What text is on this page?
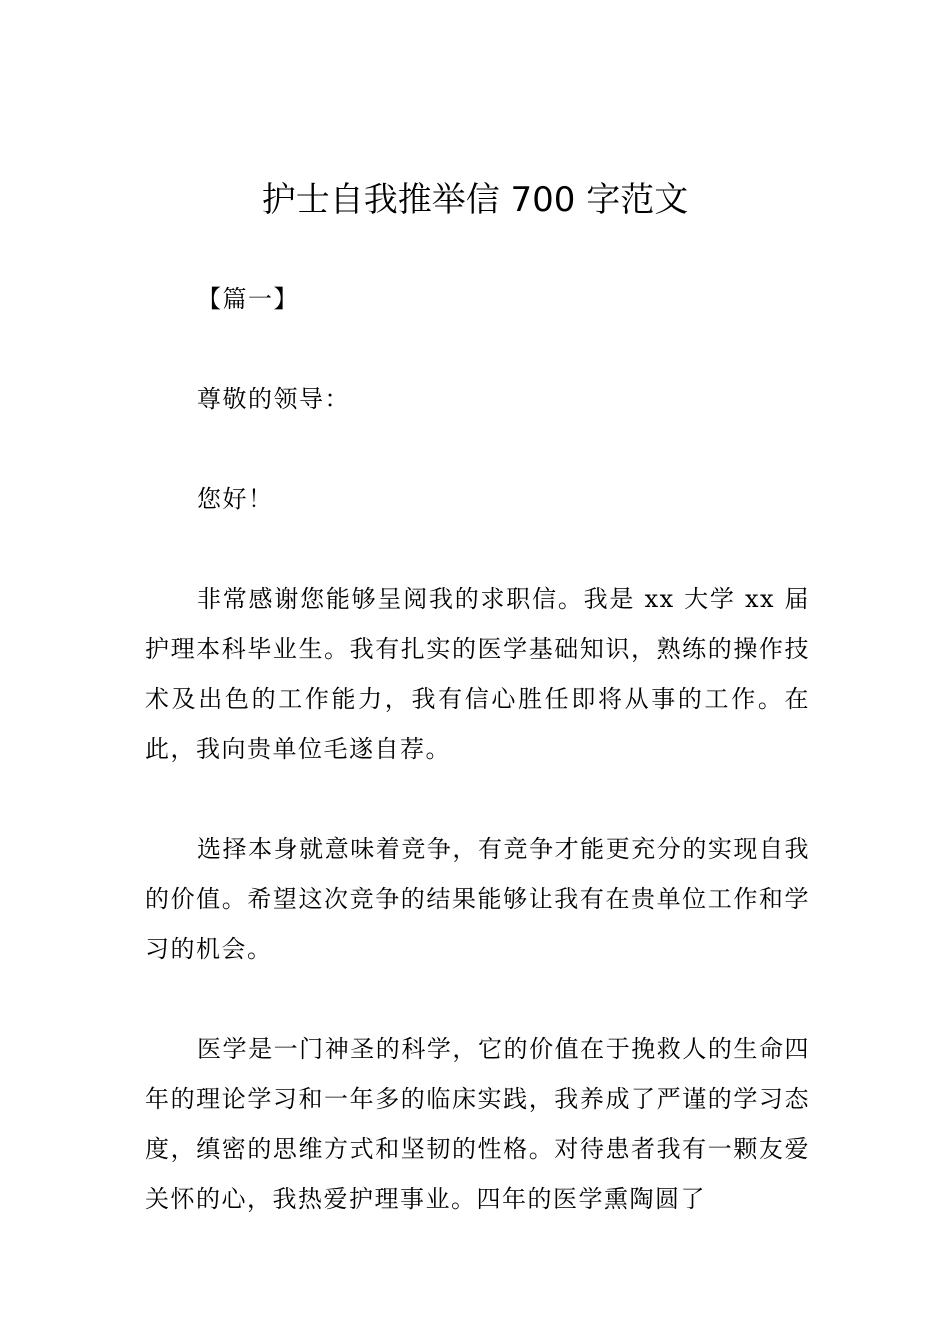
护士自我推举信 700 字范文

【篇一】

尊敬的领导：

您好！

非常感谢您能够呈阅我的求职信。我是 xx 大学 xx 届护理本科毕业生。我有扎实的医学基础知识，熟练的操作技术及出色的工作能力，我有信心胜任即将从事的工作。在此，我向贵单位毛遂自荐。

选择本身就意味着竞争，有竞争才能更充分的实现自我的价值。希望这次竞争的结果能够让我有在贵单位工作和学习的机会。

医学是一门神圣的科学，它的价值在于挽救人的生命四年的理论学习和一年多的临床实践，我养成了严谨的学习态度，缜密的思维方式和坚韧的性格。对待患者我有一颗友爱关怀的心，我热爱护理事业。四年的医学熏陶圆了
